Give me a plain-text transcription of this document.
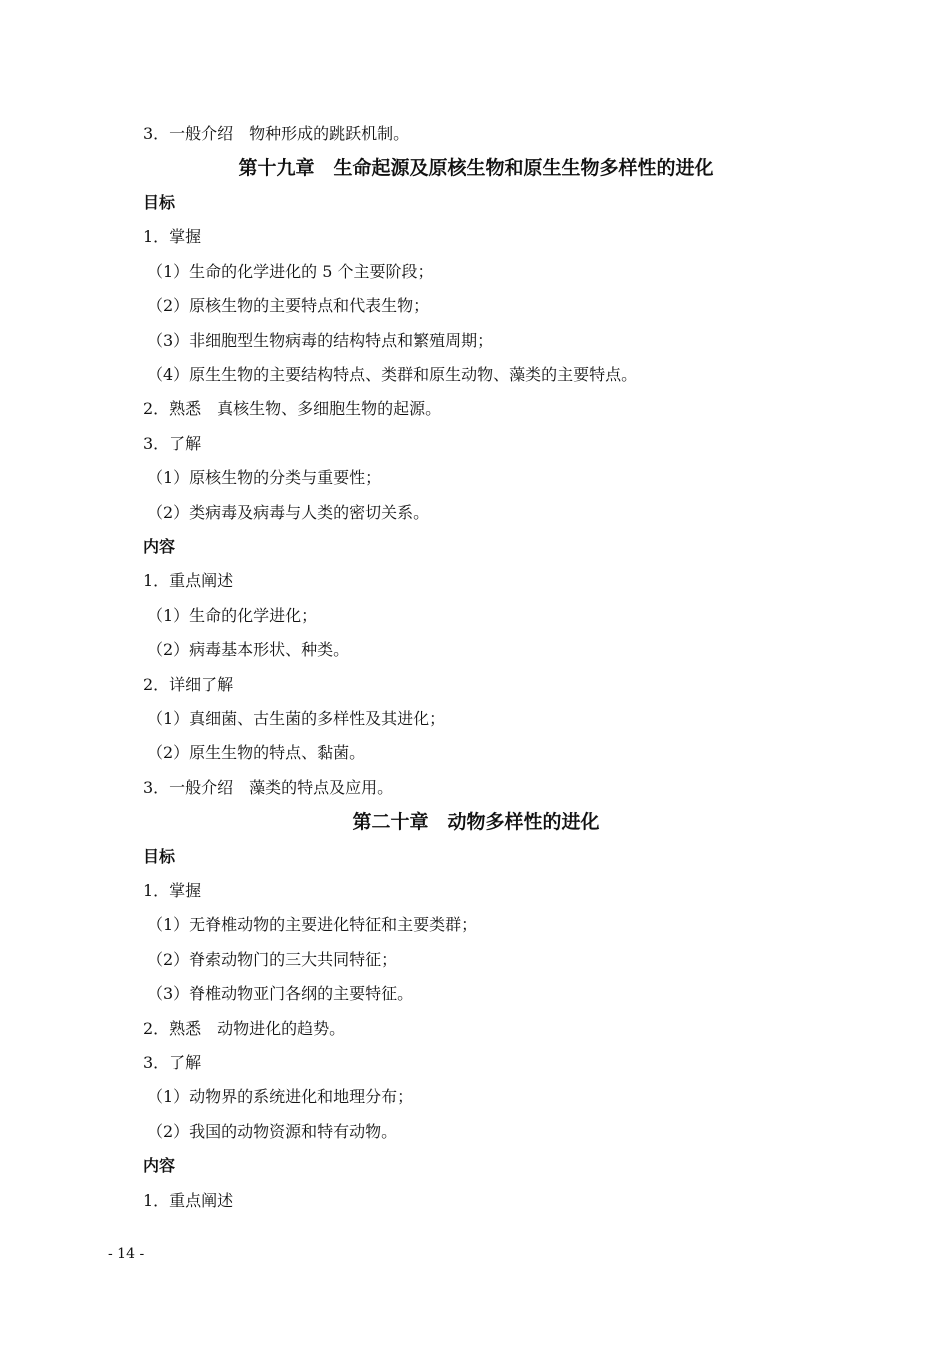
3．一般介绍　物种形成的跳跃机制。
第十九章　生命起源及原核生物和原生生物多样性的进化
目标
1．掌握
（1）生命的化学进化的 5 个主要阶段；
（2）原核生物的主要特点和代表生物；
（3）非细胞型生物病毒的结构特点和繁殖周期；
（4）原生生物的主要结构特点、类群和原生动物、藻类的主要特点。
2．熟悉　真核生物、多细胞生物的起源。
3．了解
（1）原核生物的分类与重要性；
（2）类病毒及病毒与人类的密切关系。
内容
1．重点阐述
（1）生命的化学进化；
（2）病毒基本形状、种类。
2．详细了解
（1）真细菌、古生菌的多样性及其进化；
（2）原生生物的特点、黏菌。
3．一般介绍　藻类的特点及应用。
第二十章　动物多样性的进化
目标
1．掌握
（1）无脊椎动物的主要进化特征和主要类群；
（2）脊索动物门的三大共同特征；
（3）脊椎动物亚门各纲的主要特征。
2．熟悉　动物进化的趋势。
3．了解
（1）动物界的系统进化和地理分布；
（2）我国的动物资源和特有动物。
内容
1．重点阐述
- 14 -
